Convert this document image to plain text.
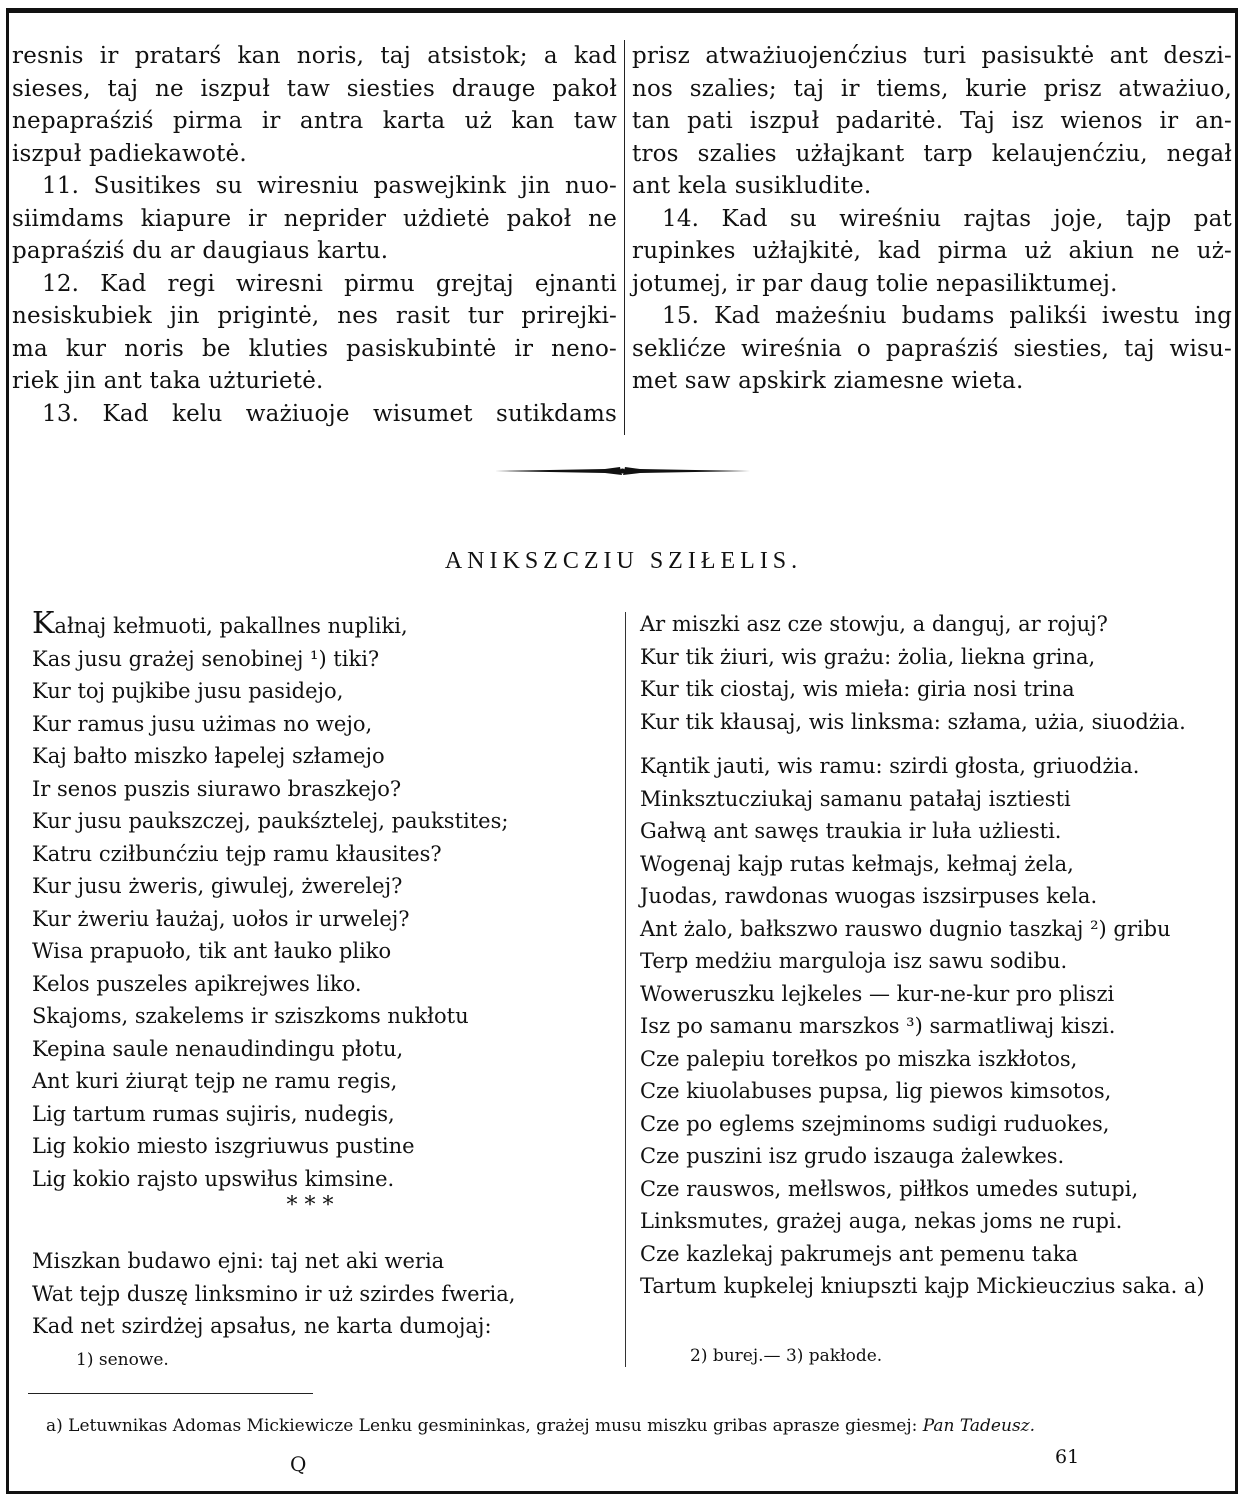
resnis ir pratarś kan noris, taj atsistok; a kad

sieses, taj ne iszpuł taw siesties drauge pakoł

nepapraśziś pirma ir antra karta uż kan taw

iszpuł padiekawotė.

11. Susitikes su wiresniu paswejkink jin nuo-

siimdams kiapure ir neprider użdietė pakoł ne

papraśziś du ar daugiaus kartu.

12. Kad regi wiresni pirmu grejtaj ejnanti

nesiskubiek jin prigintė, nes rasit tur prirejki-

ma kur noris be kluties pasiskubintė ir neno-

riek jin ant taka użturietė.

13. Kad kelu ważiuoje wisumet sutikdams

prisz atważiuojenćzius turi pasisuktė ant deszi-

nos szalies; taj ir tiems, kurie prisz atważiuo,

tan pati iszpuł padaritė. Taj isz wienos ir an-

tros szalies użłajkant tarp kelaujenćziu, negał

ant kela susikludite.

14. Kad su wireśniu rajtas joje, tajp pat

rupinkes użłajkitė, kad pirma uż akiun ne uż-

jotumej, ir par daug tolie nepasiliktumej.

15. Kad mażeśniu budams palikśi iwestu ing

seklićze wireśnia o papraśziś siesties, taj wisu-

met saw apskirk ziamesne wieta.

ANIKSZCZIU SZIŁELIS.
Kałnaj kełmuoti, pakallnes nupliki,
Kas jusu grażej senobinej ¹) tiki?
Kur toj pujkibe jusu pasidejo,
Kur ramus jusu użimas no wejo,
Kaj bałto miszko łapelej szłamejo
Ir senos puszis siurawo braszkejo?
Kur jusu paukszczej, paukśztelej, paukstites;
Katru cziłbunćziu tejp ramu kłausites?
Kur jusu żweris, giwulej, żwerelej?
Kur żweriu łaużaj, uołos ir urwelej?
Wisa prapuoło, tik ant łauko pliko
Kelos puszeles apikrejwes liko.
Skajoms, szakelems ir sziszkoms nukłotu
Kepina saule nenaudindingu płotu,
Ant kuri żiurąt tejp ne ramu regis,
Lig tartum rumas sujiris, nudegis,
Lig kokio miesto iszgriuwus pustine
Lig kokio rajsto upswiłus kimsine.
Miszkan budawo ejni: taj net aki weria
Wat tejp duszę linksmino ir uż szirdes fweria,
Kad net szirdżej apsałus, ne karta dumojaj:
* * *
Ar miszki asz cze stowju, a danguj, ar rojuj?
Kur tik żiuri, wis grażu: żolia, liekna grina,
Kur tik ciostaj, wis mieła: giria nosi trina
Kur tik kłausaj, wis linksma: szłama, użia, siuodżia.
Kąntik jauti, wis ramu: szirdi głosta, griuodżia.
Minksztucziukaj samanu patałaj isztiesti
Gałwą ant sawęs traukia ir luła użliesti.
Wogenaj kajp rutas kełmajs, kełmaj żela,
Juodas, rawdonas wuogas iszsirpuses kela.
Ant żalo, bałkszwo rauswo dugnio taszkaj ²) gribu
Terp medżiu marguloja isz sawu sodibu.
Woweruszku lejkeles — kur-ne-kur pro pliszi
Isz po samanu marszkos ³) sarmatliwaj kiszi.
Cze palepiu torełkos po miszka iszkłotos,
Cze kiuolabuses pupsa, lig piewos kimsotos,
Cze po eglems szejminoms sudigi ruduokes,
Cze puszini isz grudo iszauga żalewkes.
Cze rauswos, mełlswos, piłłkos umedes sutupi,
Linksmutes, grażej auga, nekas joms ne rupi.
Cze kazlekaj pakrumejs ant pemenu taka
Tartum kupkelej kniupszti kajp Mickieuczius saka. a)
1) senowe.	2) burej.— 3) pakłode.
a) Letuwnikas Adomas Mickiewicze Lenku gesmininkas, grażej musu miszku gribas aprasze giesmej: Pan Tadeusz.
Q	61
